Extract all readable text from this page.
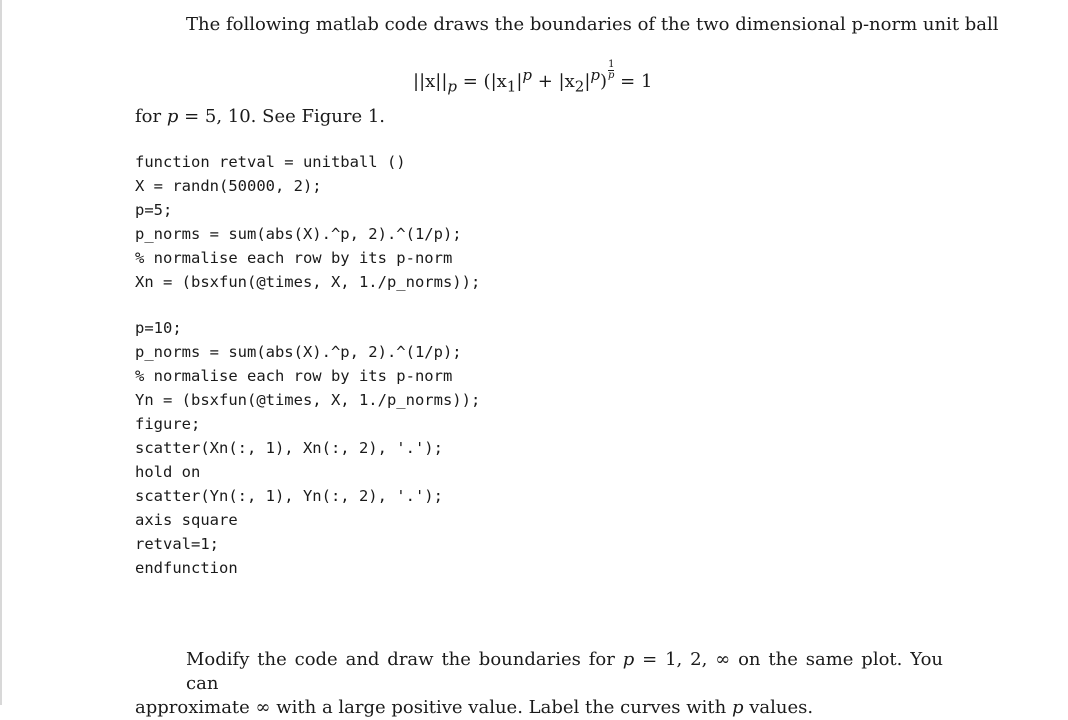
The following matlab code draws the boundaries of the two dimensional p-norm unit ball
$||x||_p = (|x_1|^p + |x_2|^p)$
$\frac{1}{p}$
= 1
for p = 5, 10. See Figure 1.
function retval = unitball ()
X = randn(50000, 2);
p=5;
p_norms = sum(abs(X).^p, 2).^(1/p);
% normalise each row by its p-norm
Xn = (bsxfun(@times, X, 1./p_norms));
p=10;
p_norms = sum(abs(X).^p, 2).^(1/p);
% normalise each row by its p-norm
Yn = (bsxfun(@times, X, 1./p_norms));
figure;
scatter(Xn(:, 1), Xn(:, 2), '.');
hold on
scatter(Yn(:, 1), Yn(:, 2), '.');
axis square
retval=1;
endfunction
Modify the code and draw the boundaries for p = 1, 2, ∞ on the same plot. You can
approximate ∞ with a large positive value. Label the curves with p values.
